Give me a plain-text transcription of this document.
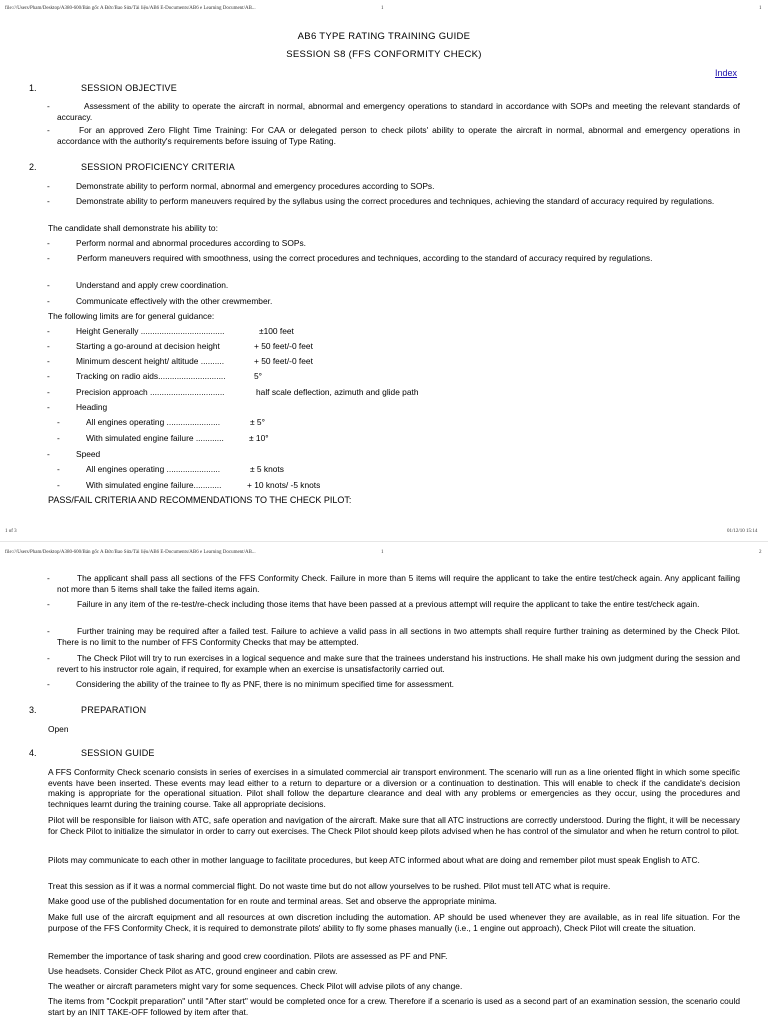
file:///Users/Pham/Desktop/A380-600/Bản gốc A Đức/Bao Sửa/Tài liệu/AB6 E-Documents/AB6 e Learning Document/AB...	1	1
AB6 TYPE RATING TRAINING GUIDE
SESSION S8 (FFS CONFORMITY CHECK)
Index
1.	SESSION OBJECTIVE
-	Assessment of the ability to operate the aircraft in normal, abnormal and emergency operations to standard in accordance with SOPs and meeting the relevant standards of accuracy.
-	For an approved Zero Flight Time Training: For CAA or delegated person to check pilots' ability to operate the aircraft in normal, abnormal and emergency operations in accordance with the authority's requirements before issuing of Type Rating.
2.	SESSION PROFICIENCY CRITERIA
-	Demonstrate ability to perform normal, abnormal and emergency procedures according to SOPs.
-	Demonstrate ability to perform maneuvers required by the syllabus using the correct procedures and techniques, achieving the standard of accuracy required by regulations.
The candidate shall demonstrate his ability to:
-	Perform normal and abnormal procedures according to SOPs.
-	Perform maneuvers required with smoothness, using the correct procedures and techniques, according to the standard of accuracy required by regulations.
-	Understand and apply crew coordination.
-	Communicate effectively with the other crewmember.
The following limits are for general guidance:
-	Height Generally ....................................	±100 feet
-	Starting a go-around at decision height	+ 50 feet/-0 feet
-	Minimum descent height/ altitude ..........	+ 50 feet/-0 feet
-	Tracking on radio aids.............................	5°
-	Precision approach ................................	half scale deflection, azimuth and glide path
-	Heading
-	All engines operating .......................	± 5°
-	With simulated engine failure ............	± 10°
-	Speed
-	All engines operating .......................	± 5 knots
-	With simulated engine failure............	+ 10 knots/ -5 knots
PASS/FAIL CRITERIA AND RECOMMENDATIONS TO THE CHECK PILOT:
1 of 3	01/12/10 15:14
file:///Users/Pham/Desktop/A380-600/Bản gốc A Đức/Bao Sửa/Tài liệu/AB6 E-Documents/AB6 e Learning Document/AB...	1	2
-	The applicant shall pass all sections of the FFS Conformity Check. Failure in more than 5 items will require the applicant to take the entire test/check again. Any applicant failing not more than 5 items shall take the failed items again.
-	Failure in any item of the re-test/re-check including those items that have been passed at a previous attempt will require the applicant to take the entire test/check again.
-	Further training may be required after a failed test. Failure to achieve a valid pass in all sections in two attempts shall require further training as determined by the Check Pilot. There is no limit to the number of FFS Conformity Checks that may be attempted.
-	The Check Pilot will try to run exercises in a logical sequence and make sure that the trainees understand his instructions. He shall make his own judgment during the session and revert to his instructor role again, if required, for example when an exercise is unsatisfactorily carried out.
-	Considering the ability of the trainee to fly as PNF, there is no minimum specified time for assessment.
3.	PREPARATION
Open
4.	SESSION GUIDE
A FFS Conformity Check scenario consists in series of exercises in a simulated commercial air transport environment. The scenario will run as a line oriented flight in which some specific events have been inserted. These events may lead either to a return to departure or a diversion or a continuation to destination. This will enable to check if the candidate's decision making is appropriate for the operational situation. Pilot shall follow the departure clearance and deal with any problems or emergencies as they occur, using the procedures and techniques learnt during the training course. Take all appropriate decisions.
Pilot will be responsible for liaison with ATC, safe operation and navigation of the aircraft. Make sure that all ATC instructions are correctly understood. During the flight, it will be necessary for Check Pilot to initialize the simulator in order to carry out exercises. The Check Pilot should keep pilots advised when he has control of the simulator and when he return control to pilot.
Pilots may communicate to each other in mother language to facilitate procedures, but keep ATC informed about what are doing and remember pilot must speak English to ATC.
Treat this session as if it was a normal commercial flight. Do not waste time but do not allow yourselves to be rushed. Pilot must tell ATC what is require.
Make good use of the published documentation for en route and terminal areas. Set and observe the appropriate minima.
Make full use of the aircraft equipment and all resources at own discretion including the automation. AP should be used whenever they are available, as in real life situation. For the purpose of the FFS Conformity Check, it is required to demonstrate pilots' ability to fly some phases manually (i.e., 1 engine out approach), Check Pilot will create the situation.
Remember the importance of task sharing and good crew coordination. Pilots are assessed as PF and PNF.
Use headsets. Consider Check Pilot as ATC, ground engineer and cabin crew.
The weather or aircraft parameters might vary for some sequences. Check Pilot will advise pilots of any change.
The items from "Cockpit preparation" until "After start" would be completed once for a crew. Therefore if a scenario is used as a second part of an examination session, the scenario could start by an INIT TAKE-OFF followed by item after that.
